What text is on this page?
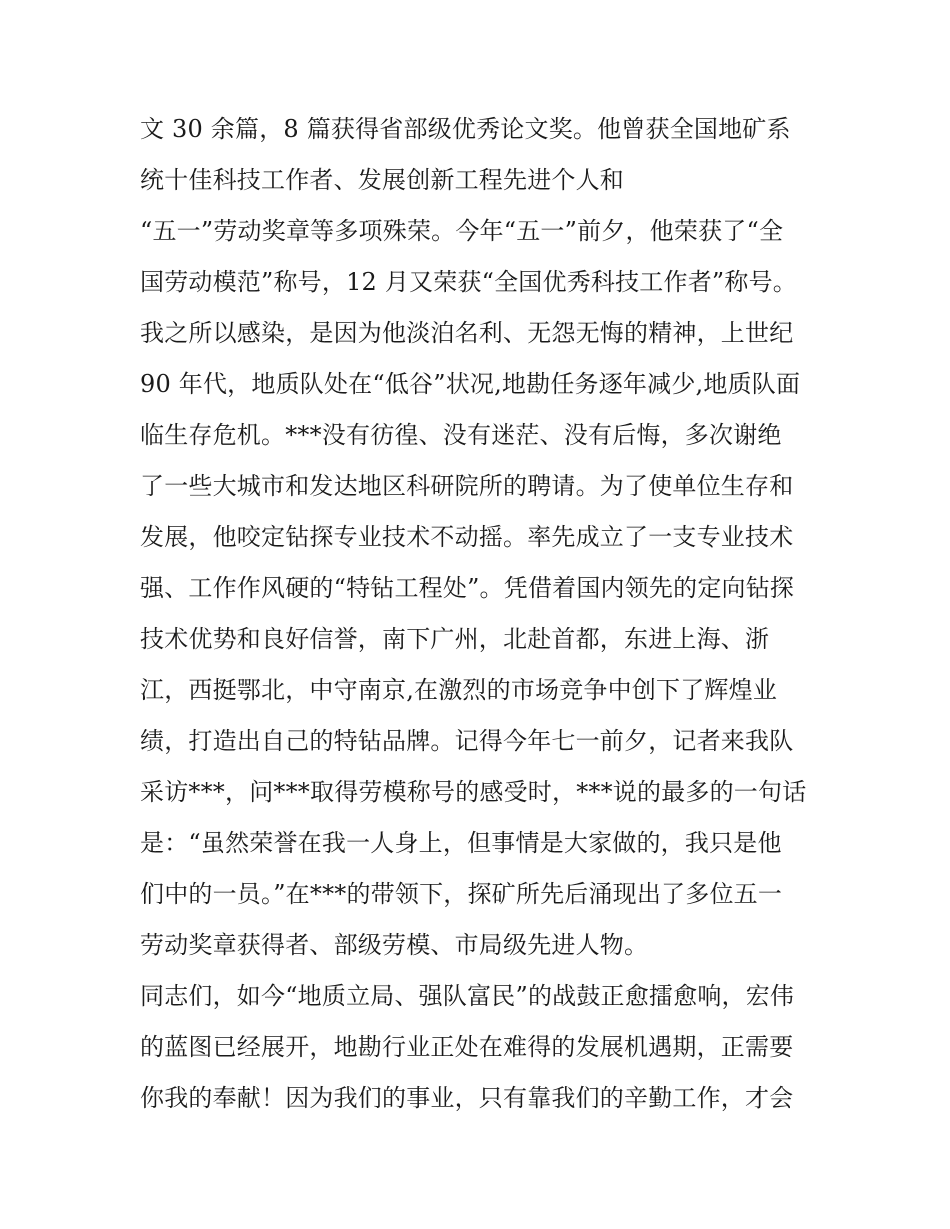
文 30 余篇，8 篇获得省部级优秀论文奖。他曾获全国地矿系
统十佳科技工作者、发展创新工程先进个人和
“五一”劳动奖章等多项殊荣。今年“五一”前夕，他荣获了“全
国劳动模范”称号，12 月又荣获“全国优秀科技工作者”称号。
我之所以感染，是因为他淡泊名利、无怨无悔的精神，上世纪
90 年代，地质队处在“低谷”状况,地勘任务逐年减少,地质队面
临生存危机。***没有彷徨、没有迷茫、没有后悔，多次谢绝
了一些大城市和发达地区科研院所的聘请。为了使单位生存和
发展，他咬定钻探专业技术不动摇。率先成立了一支专业技术
强、工作作风硬的“特钻工程处”。凭借着国内领先的定向钻探
技术优势和良好信誉，南下广州，北赴首都，东进上海、浙
江，西挺鄂北，中守南京,在激烈的市场竞争中创下了辉煌业
绩，打造出自己的特钻品牌。记得今年七一前夕，记者来我队
采访***，问***取得劳模称号的感受时，***说的最多的一句话
是：“虽然荣誉在我一人身上，但事情是大家做的，我只是他
们中的一员。”在***的带领下，探矿所先后涌现出了多位五一
劳动奖章获得者、部级劳模、市局级先进人物。
同志们，如今“地质立局、强队富民”的战鼓正愈擂愈响，宏伟
的蓝图已经展开，地勘行业正处在难得的发展机遇期，正需要
你我的奉献！因为我们的事业，只有靠我们的辛勤工作，才会
